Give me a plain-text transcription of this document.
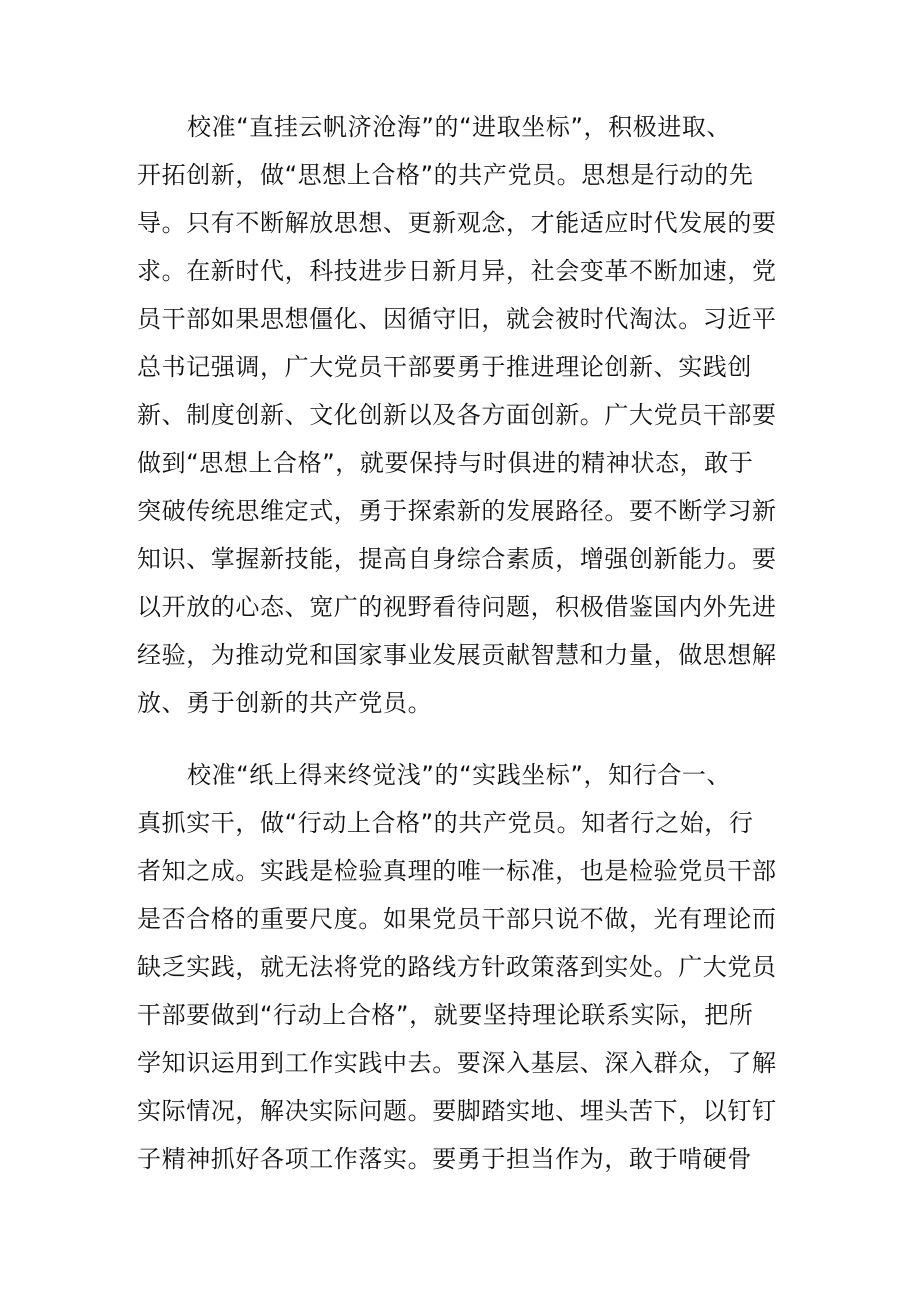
校准“直挂云帆济沧海”的“进取坐标”，积极进取、
开拓创新，做“思想上合格”的共产党员。思想是行动的先
导。只有不断解放思想、更新观念，才能适应时代发展的要
求。在新时代，科技进步日新月异，社会变革不断加速，党
员干部如果思想僵化、因循守旧，就会被时代淘汰。习近平
总书记强调，广大党员干部要勇于推进理论创新、实践创
新、制度创新、文化创新以及各方面创新。广大党员干部要
做到“思想上合格”，就要保持与时俱进的精神状态，敢于
突破传统思维定式，勇于探索新的发展路径。要不断学习新
知识、掌握新技能，提高自身综合素质，增强创新能力。要
以开放的心态、宽广的视野看待问题，积极借鉴国内外先进
经验，为推动党和国家事业发展贡献智慧和力量，做思想解
放、勇于创新的共产党员。
校准“纸上得来终觉浅”的“实践坐标”，知行合一、
真抓实干，做“行动上合格”的共产党员。知者行之始，行
者知之成。实践是检验真理的唯一标准，也是检验党员干部
是否合格的重要尺度。如果党员干部只说不做，光有理论而
缺乏实践，就无法将党的路线方针政策落到实处。广大党员
干部要做到“行动上合格”，就要坚持理论联系实际，把所
学知识运用到工作实践中去。要深入基层、深入群众，了解
实际情况，解决实际问题。要脚踏实地、埋头苦下，以钉钉
子精神抓好各项工作落实。要勇于担当作为，敢于啃硬骨
